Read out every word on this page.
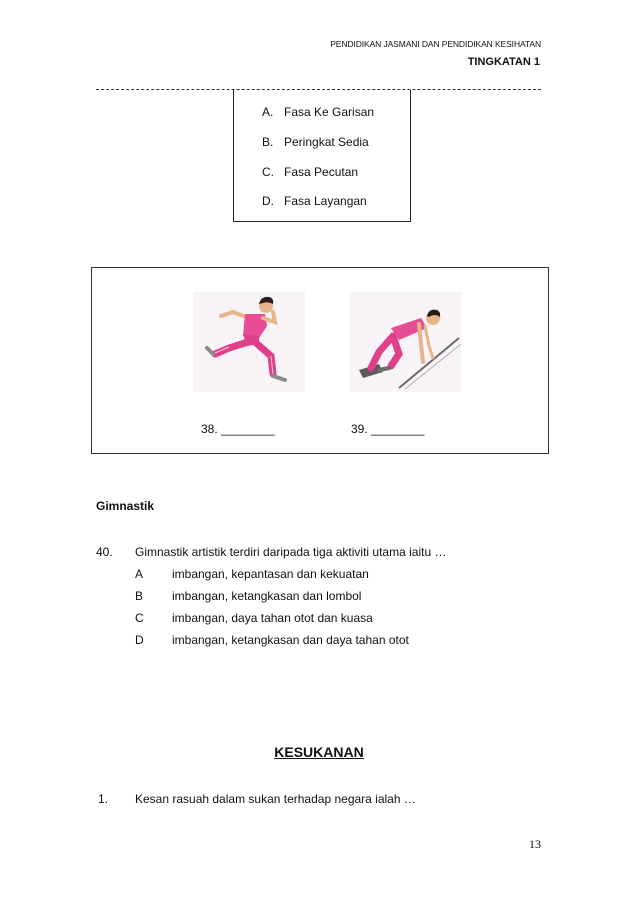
PENDIDIKAN JASMANI DAN PENDIDIKAN KESIHATAN
TINGKATAN 1
A. Fasa Ke Garisan
B. Peringkat Sedia
C. Fasa Pecutan
D. Fasa Layangan
38. ________	39. ________
Gimnastik
40. Gimnastik artistik terdiri daripada tiga aktiviti utama iaitu …
A imbangan, kepantasan dan kekuatan
B imbangan, ketangkasan dan lombol
C imbangan, daya tahan otot dan kuasa
D imbangan, ketangkasan dan daya tahan otot
KESUKANAN
1. Kesan rasuah dalam sukan terhadap negara ialah …
13
